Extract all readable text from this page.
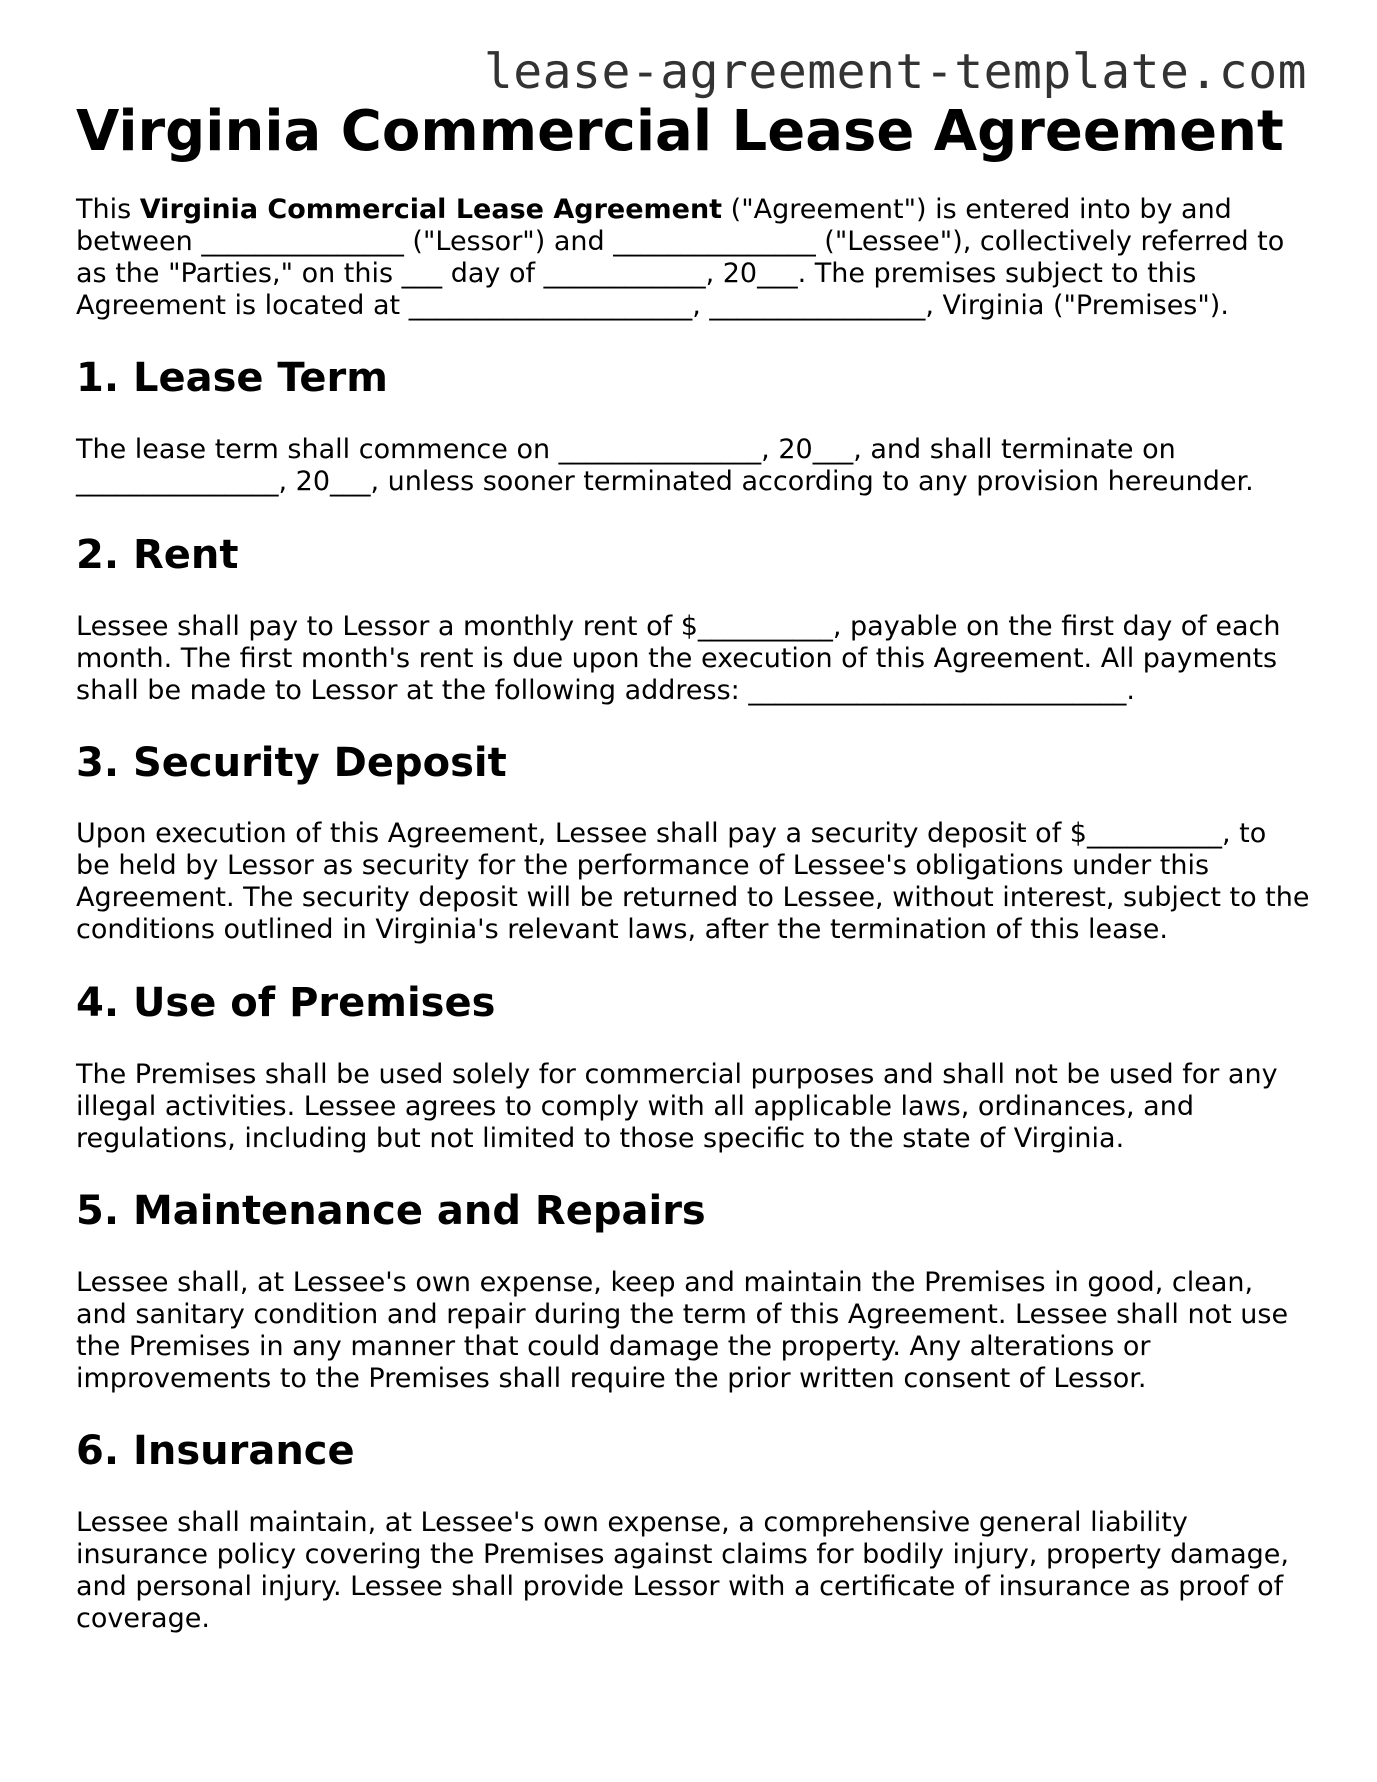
lease-agreement-template.com
Virginia Commercial Lease Agreement

This Virginia Commercial Lease Agreement ("Agreement") is entered into by and
between _______________ ("Lessor") and _______________ ("Lessee"), collectively referred to
as the "Parties," on this ___ day of ____________, 20___. The premises subject to this
Agreement is located at _____________________, ________________, Virginia ("Premises").

1. Lease Term

The lease term shall commence on _______________, 20___, and shall terminate on
_______________, 20___, unless sooner terminated according to any provision hereunder.

2. Rent

Lessee shall pay to Lessor a monthly rent of $__________, payable on the first day of each
month. The first month's rent is due upon the execution of this Agreement. All payments
shall be made to Lessor at the following address: ____________________________.

3. Security Deposit

Upon execution of this Agreement, Lessee shall pay a security deposit of $__________, to
be held by Lessor as security for the performance of Lessee's obligations under this
Agreement. The security deposit will be returned to Lessee, without interest, subject to the
conditions outlined in Virginia's relevant laws, after the termination of this lease.

4. Use of Premises

The Premises shall be used solely for commercial purposes and shall not be used for any
illegal activities. Lessee agrees to comply with all applicable laws, ordinances, and
regulations, including but not limited to those specific to the state of Virginia.

5. Maintenance and Repairs

Lessee shall, at Lessee's own expense, keep and maintain the Premises in good, clean,
and sanitary condition and repair during the term of this Agreement. Lessee shall not use
the Premises in any manner that could damage the property. Any alterations or
improvements to the Premises shall require the prior written consent of Lessor.

6. Insurance

Lessee shall maintain, at Lessee's own expense, a comprehensive general liability
insurance policy covering the Premises against claims for bodily injury, property damage,
and personal injury. Lessee shall provide Lessor with a certificate of insurance as proof of
coverage.
